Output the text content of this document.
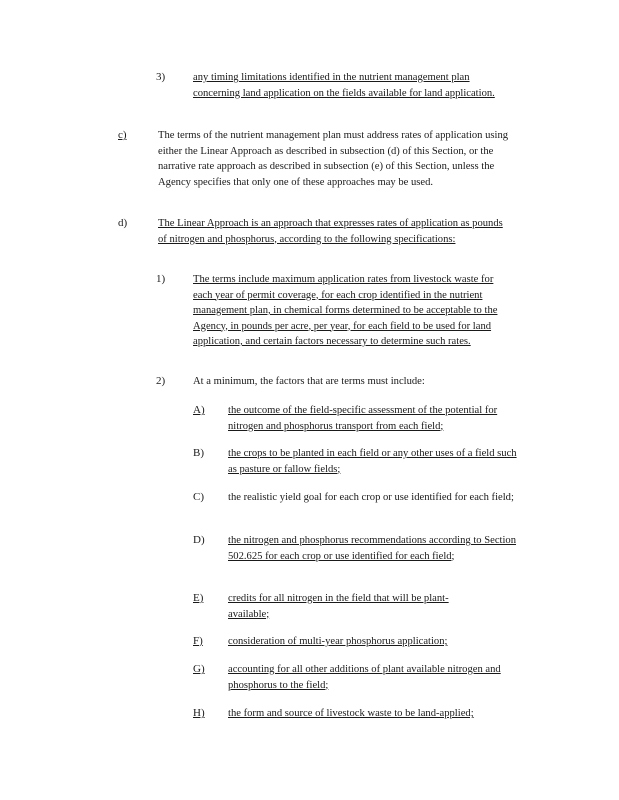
3)	any timing limitations identified in the nutrient management plan concerning land application on the fields available for land application.
c)	The terms of the nutrient management plan must address rates of application using either the Linear Approach as described in subsection (d) of this Section, or the narrative rate approach as described in subsection (e) of this Section, unless the Agency specifies that only one of these approaches may be used.
d)	The Linear Approach is an approach that expresses rates of application as pounds of nitrogen and phosphorus, according to the following specifications:
1)	The terms include maximum application rates from livestock waste for each year of permit coverage, for each crop identified in the nutrient management plan, in chemical forms determined to be acceptable to the Agency, in pounds per acre, per year, for each field to be used for land application, and certain factors necessary to determine such rates.
2)	At a minimum, the factors that are terms must include:
A) the outcome of the field-specific assessment of the potential for nitrogen and phosphorus transport from each field;
B) the crops to be planted in each field or any other uses of a field such as pasture or fallow fields;
C) the realistic yield goal for each crop or use identified for each field;
D) the nitrogen and phosphorus recommendations according to Section 502.625 for each crop or use identified for each field;
E) credits for all nitrogen in the field that will be plant-available;
F) consideration of multi-year phosphorus application;
G) accounting for all other additions of plant available nitrogen and phosphorus to the field;
H) the form and source of livestock waste to be land-applied;
